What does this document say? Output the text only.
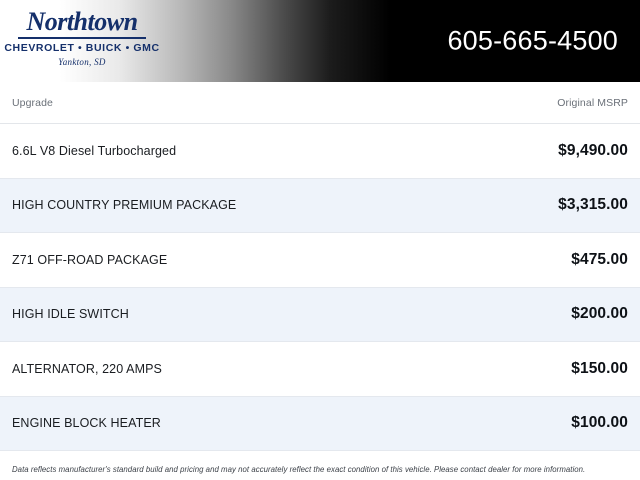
Northtown
CHEVROLET • BUICK • GMC
Yankton, SD
605-665-4500
Upgrade	Original MSRP
6.6L V8 Diesel Turbocharged	$9,490.00
HIGH COUNTRY PREMIUM PACKAGE	$3,315.00
Z71 OFF-ROAD PACKAGE	$475.00
HIGH IDLE SWITCH	$200.00
ALTERNATOR, 220 AMPS	$150.00
ENGINE BLOCK HEATER	$100.00
Data reflects manufacturer's standard build and pricing and may not accurately reflect the exact condition of this vehicle. Please contact dealer for more information.
